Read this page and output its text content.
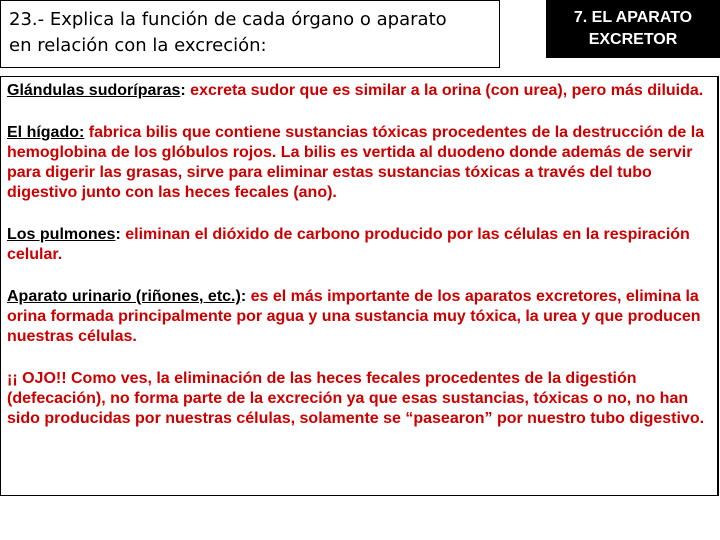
23.- Explica la función de cada órgano o aparato
en relación con la excreción:
7. EL APARATO
EXCRETOR

Glándulas sudoríparas: excreta sudor que es similar a la orina (con urea), pero más diluida.

El hígado: fabrica bilis que contiene sustancias tóxicas procedentes de la destrucción de la hemoglobina de los glóbulos rojos. La bilis es vertida al duodeno donde además de servir para digerir las grasas, sirve para eliminar estas sustancias tóxicas a través del tubo digestivo junto con las heces fecales (ano).

Los pulmones: eliminan el dióxido de carbono producido por las células en la respiración celular.

Aparato urinario (riñones, etc.): es el más importante de los aparatos excretores, elimina la orina formada principalmente por agua y una sustancia muy tóxica, la urea y que producen nuestras células.

¡¡ OJO!! Como ves, la eliminación de las heces fecales procedentes de la digestión (defecación), no forma parte de la excreción ya que esas sustancias, tóxicas o no, no han sido producidas por nuestras células, solamente se “pasearon” por nuestro tubo digestivo.
